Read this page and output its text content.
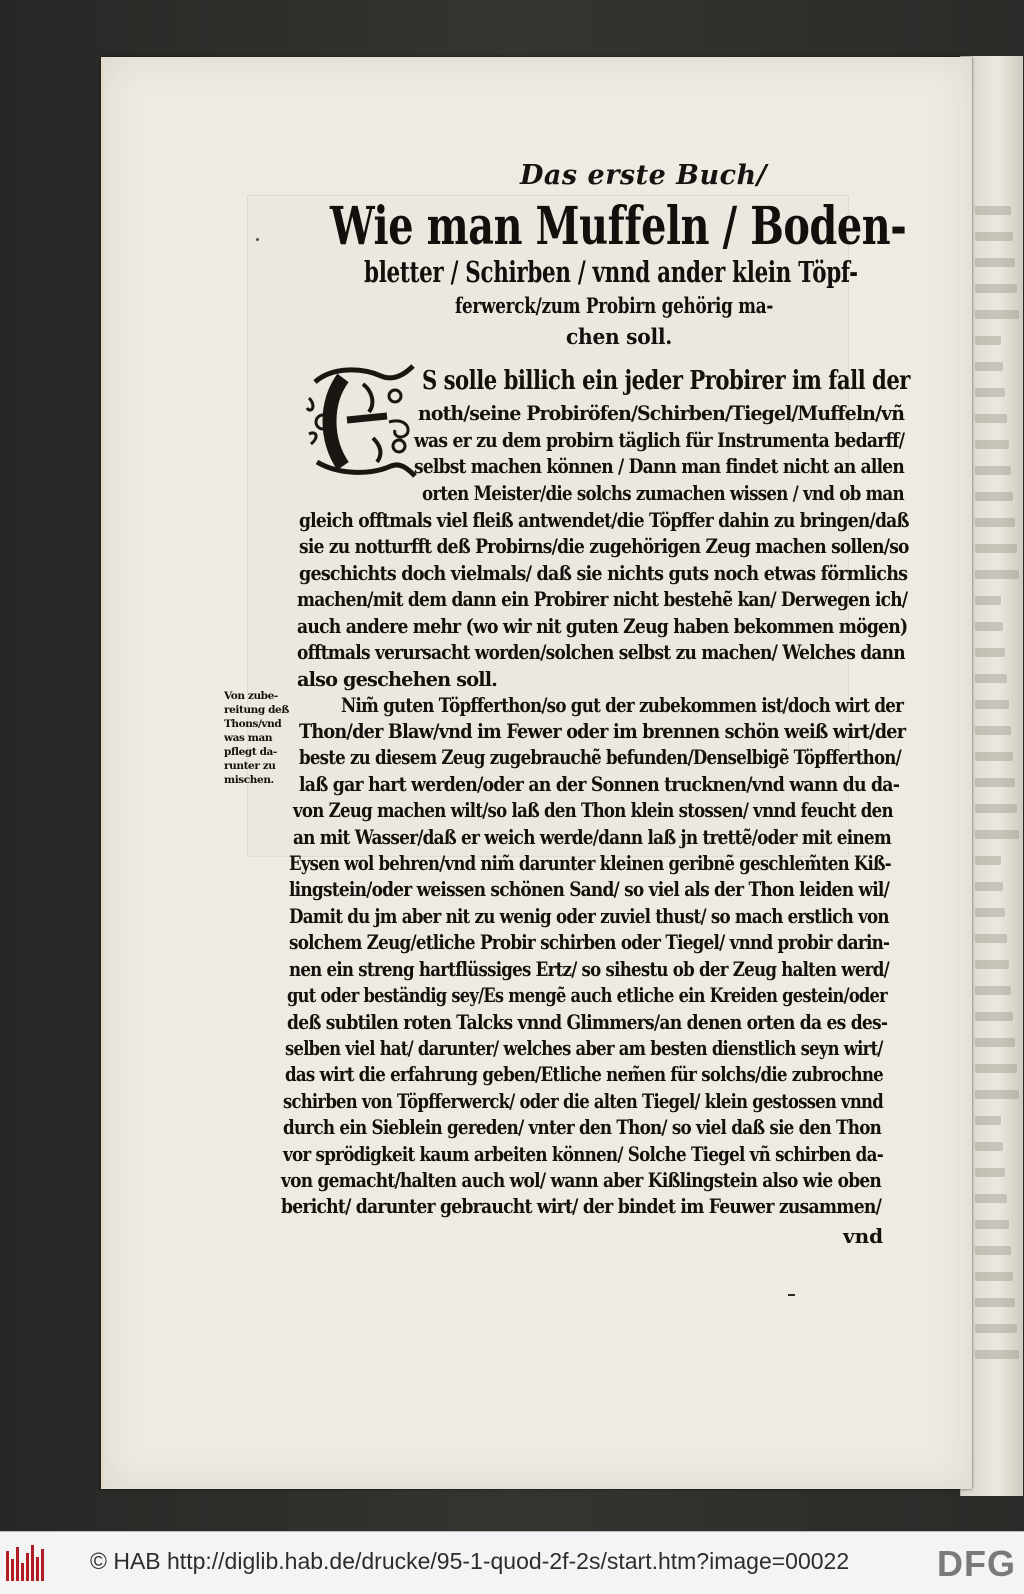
Das erste Buch/
Wie man Muffeln / Boden-
bletter / Schirben / vnnd ander klein Töpf-
ferwerck/zum Probirn gehörig ma-
chen soll.
S solle billich ein jeder Probirer im fall der
noth/seine Probiröfen/Schirben/Tiegel/Muffeln/vñ
was er zu dem probirn täglich für Instrumenta bedarff/
selbst machen können / Dann man findet nicht an allen
orten Meister/die solchs zumachen wissen / vnd ob man
gleich offtmals viel fleiß antwendet/die Töpffer dahin zu bringen/daß
sie zu notturfft deß Probirns/die zugehörigen Zeug machen sollen/so
geschichts doch vielmals/ daß sie nichts guts noch etwas förmlichs
machen/mit dem dann ein Probirer nicht bestehẽ kan/ Derwegen ich/
auch andere mehr (wo wir nit guten Zeug haben bekommen mögen)
offtmals verursacht worden/solchen selbst zu machen/ Welches dann
also geschehen soll.
Nim̃ guten Töpfferthon/so gut der zubekommen ist/doch wirt der
Thon/der Blaw/vnd im Fewer oder im brennen schön weiß wirt/der
beste zu diesem Zeug zugebrauchẽ befunden/Denselbigẽ Töpfferthon/
laß gar hart werden/oder an der Sonnen trucknen/vnd wann du da-
von Zeug machen wilt/so laß den Thon klein stossen/ vnnd feucht den
an mit Wasser/daß er weich werde/dann laß jn trettẽ/oder mit einem
Eysen wol behren/vnd nim̃ darunter kleinen geribnẽ geschlem̃ten Kiß-
lingstein/oder weissen schönen Sand/ so viel als der Thon leiden wil/
Damit du jm aber nit zu wenig oder zuviel thust/ so mach erstlich von
solchem Zeug/etliche Probir schirben oder Tiegel/ vnnd probir darin-
nen ein streng hartflüssiges Ertz/ so sihestu ob der Zeug halten werd/
gut oder beständig sey/Es mengẽ auch etliche ein Kreiden gestein/oder
deß subtilen roten Talcks vnnd Glimmers/an denen orten da es des-
selben viel hat/ darunter/ welches aber am besten dienstlich seyn wirt/
das wirt die erfahrung geben/Etliche nem̃en für solchs/die zubrochne
schirben von Töpfferwerck/ oder die alten Tiegel/ klein gestossen vnnd
durch ein Sieblein gereden/ vnter den Thon/ so viel daß sie den Thon
vor sprödigkeit kaum arbeiten können/ Solche Tiegel vñ schirben da-
von gemacht/halten auch wol/ wann aber Kißlingstein also wie oben
bericht/ darunter gebraucht wirt/ der bindet im Feuwer zusammen/
Von zube-
reitung deß
Thons/vnd
was man
pflegt da-
runter zu
mischen.
vnd
© HAB http://diglib.hab.de/drucke/95-1-quod-2f-2s/start.htm?image=00022 DFG
